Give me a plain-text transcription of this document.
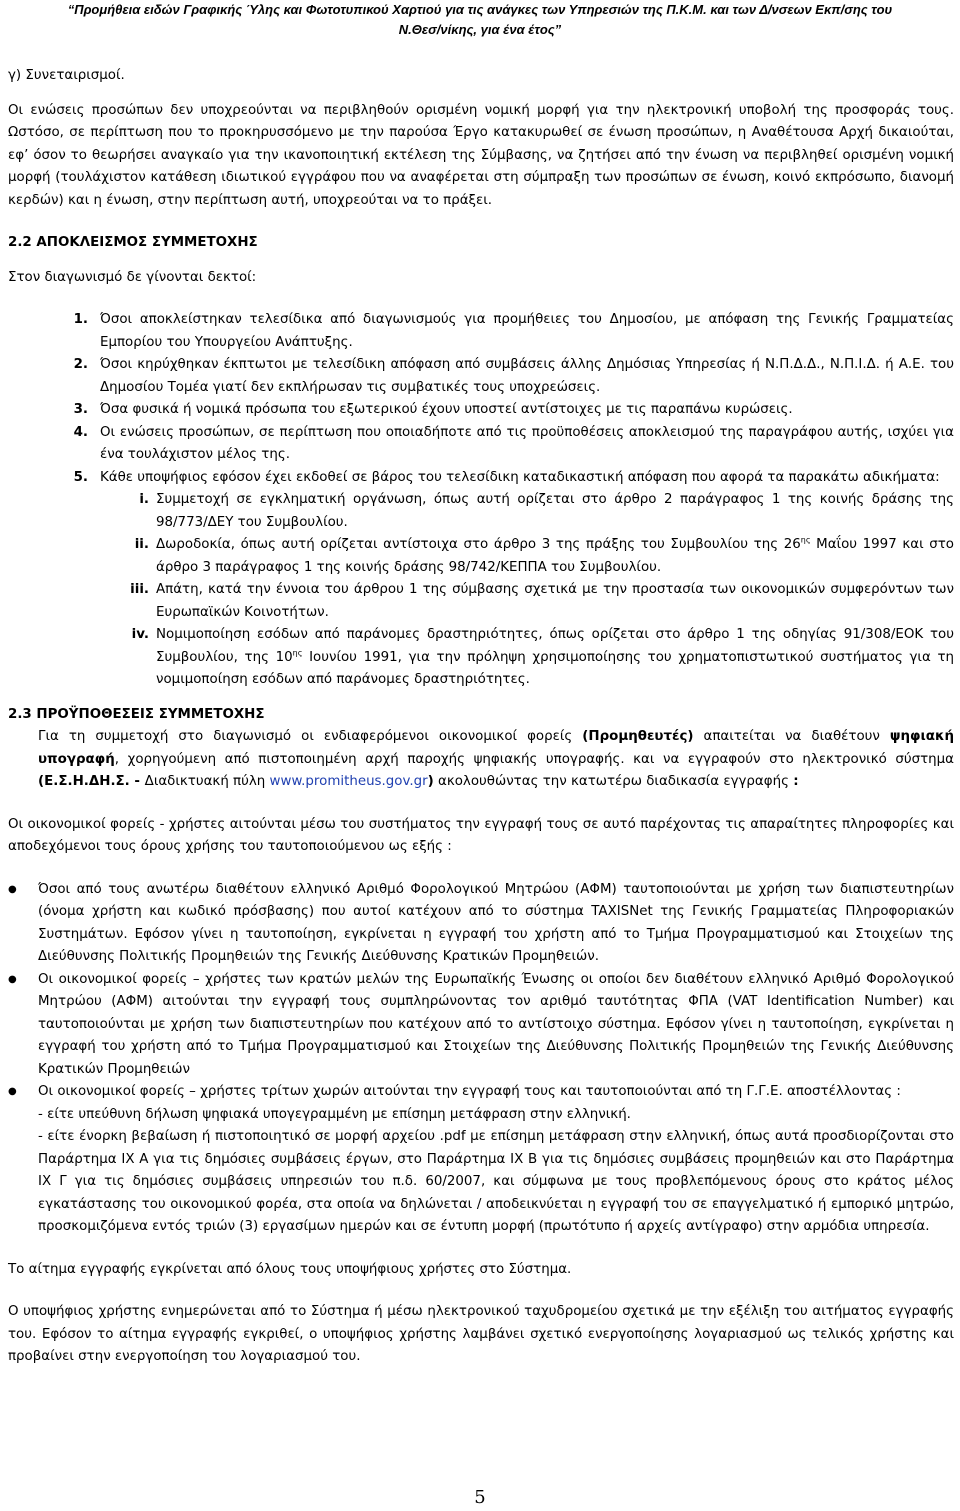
“Προμήθεια ειδών Γραφικής Ύλης και Φωτοτυπικού Χαρτιού για τις ανάγκες των Υπηρεσιών της Π.Κ.Μ. και των Δ/νσεων Εκπ/σης του
Ν.Θεσ/νίκης, για ένα έτος”

γ) Συνεταιρισμοί.

Οι ενώσεις προσώπων δεν υποχρεούνται να περιβληθούν ορισμένη νομική μορφή για την ηλεκτρονική υποβολή της προσφοράς τους. Ωστόσο, σε περίπτωση που το προκηρυσσόμενο με την παρούσα Έργο κατακυρωθεί σε ένωση προσώπων, η Αναθέτουσα Αρχή δικαιούται, εφ’ όσον το θεωρήσει αναγκαίο για την ικανοποιητική εκτέλεση της Σύμβασης, να ζητήσει από την ένωση να περιβληθεί ορισμένη νομική μορφή (τουλάχιστον κατάθεση ιδιωτικού εγγράφου που να αναφέρεται στη σύμπραξη των προσώπων σε ένωση, κοινό εκπρόσωπο, διανομή κερδών) και η ένωση, στην περίπτωση αυτή, υποχρεούται να το πράξει.

2.2 ΑΠΟΚΛΕΙΣΜΟΣ ΣΥΜΜΕΤΟΧΗΣ

Στον διαγωνισμό δε γίνονται δεκτοί:

1. Όσοι αποκλείστηκαν τελεσίδικα από διαγωνισμούς για προμήθειες του Δημοσίου, με απόφαση της Γενικής Γραμματείας Εμπορίου του Υπουργείου Ανάπτυξης.
2. Όσοι κηρύχθηκαν έκπτωτοι με τελεσίδικη απόφαση από συμβάσεις άλλης Δημόσιας Υπηρεσίας ή Ν.Π.Δ.Δ., Ν.Π.Ι.Δ. ή Α.Ε. του Δημοσίου Τομέα γιατί δεν εκπλήρωσαν τις συμβατικές τους υποχρεώσεις.
3. Όσα φυσικά ή νομικά πρόσωπα του εξωτερικού έχουν υποστεί αντίστοιχες με τις παραπάνω κυρώσεις.
4. Οι ενώσεις προσώπων, σε περίπτωση που οποιαδήποτε από τις προϋποθέσεις αποκλεισμού της παραγράφου αυτής, ισχύει για ένα τουλάχιστον μέλος της.
5. Κάθε υποψήφιος εφόσον έχει εκδοθεί σε βάρος του τελεσίδικη καταδικαστική απόφαση που αφορά τα παρακάτω αδικήματα:
i. Συμμετοχή σε εγκληματική οργάνωση, όπως αυτή ορίζεται στο άρθρο 2 παράγραφος 1 της κοινής δράσης της 98/773/ΔΕΥ του Συμβουλίου.
ii. Δωροδοκία, όπως αυτή ορίζεται αντίστοιχα στο άρθρο 3 της πράξης του Συμβουλίου της $26^{\eta\varsigma}$ Μαΐου 1997 και στο άρθρο 3 παράγραφος 1 της κοινής δράσης 98/742/ΚΕΠΠΑ του Συμβουλίου.
iii. Απάτη, κατά την έννοια του άρθρου 1 της σύμβασης σχετικά με την προστασία των οικονομικών συμφερόντων των Ευρωπαϊκών Κοινοτήτων.
iv. Νομιμοποίηση εσόδων από παράνομες δραστηριότητες, όπως ορίζεται στο άρθρο 1 της οδηγίας 91/308/ΕΟΚ του Συμβουλίου, της $10^{\eta\varsigma}$ Ιουνίου 1991, για την πρόληψη χρησιμοποίησης του χρηματοπιστωτικού συστήματος για τη νομιμοποίηση εσόδων από παράνομες δραστηριότητες.

2.3 ΠΡΟΫΠΟΘΕΣΕΙΣ ΣΥΜΜΕΤΟΧΗΣ

Για τη συμμετοχή στο διαγωνισμό οι ενδιαφερόμενοι οικονομικοί φορείς (Προμηθευτές) απαιτείται να διαθέτουν ψηφιακή υπογραφή, χορηγούμενη από πιστοποιημένη αρχή παροχής ψηφιακής υπογραφής. και να εγγραφούν στο ηλεκτρονικό σύστημα (Ε.Σ.Η.ΔΗ.Σ. - Διαδικτυακή πύλη www.promitheus.gov.gr) ακολουθώντας την κατωτέρω διαδικασία εγγραφής :

Οι οικονομικοί φορείς - χρήστες αιτούνται μέσω του συστήματος την εγγραφή τους σε αυτό παρέχοντας τις απαραίτητες πληροφορίες και αποδεχόμενοι τους όρους χρήσης του ταυτοποιούμενου ως εξής :

●	Όσοι από τους ανωτέρω διαθέτουν ελληνικό Αριθμό Φορολογικού Μητρώου (ΑΦΜ) ταυτοποιούνται με χρήση των διαπιστευτηρίων (όνομα χρήστη και κωδικό πρόσβασης) που αυτοί κατέχουν από το σύστημα TAXISNet της Γενικής Γραμματείας Πληροφοριακών Συστημάτων. Εφόσον γίνει η ταυτοποίηση, εγκρίνεται η εγγραφή του χρήστη από το Τμήμα Προγραμματισμού και Στοιχείων της Διεύθυνσης Πολιτικής Προμηθειών της Γενικής Διεύθυνσης Κρατικών Προμηθειών.
●	Οι οικονομικοί φορείς – χρήστες των κρατών μελών της Ευρωπαϊκής Ένωσης οι οποίοι δεν διαθέτουν ελληνικό Αριθμό Φορολογικού Μητρώου (ΑΦΜ) αιτούνται την εγγραφή τους συμπληρώνοντας τον αριθμό ταυτότητας ΦΠΑ (VAT Identification Number) και ταυτοποιούνται με χρήση των διαπιστευτηρίων που κατέχουν από το αντίστοιχο σύστημα. Εφόσον γίνει η ταυτοποίηση, εγκρίνεται η εγγραφή του χρήστη από το Τμήμα Προγραμματισμού και Στοιχείων της Διεύθυνσης Πολιτικής Προμηθειών της Γενικής Διεύθυνσης Κρατικών Προμηθειών
●	Οι οικονομικοί φορείς – χρήστες τρίτων χωρών αιτούνται την εγγραφή τους και ταυτοποιούνται από τη Γ.Γ.Ε. αποστέλλοντας :

- είτε υπεύθυνη δήλωση ψηφιακά υπογεγραμμένη με επίσημη μετάφραση στην ελληνική.

- είτε ένορκη βεβαίωση ή πιστοποιητικό σε μορφή αρχείου .pdf με επίσημη μετάφραση στην ελληνική, όπως αυτά προσδιορίζονται στο Παράρτημα ΙΧ Α για τις δημόσιες συμβάσεις έργων, στο Παράρτημα ΙΧ Β για τις δημόσιες συμβάσεις προμηθειών και στο Παράρτημα ΙΧ Γ για τις δημόσιες συμβάσεις υπηρεσιών του π.δ. 60/2007, και σύμφωνα με τους προβλεπόμενους όρους στο κράτος μέλος εγκατάστασης του οικονομικού φορέα, στα οποία να δηλώνεται / αποδεικνύεται η εγγραφή του σε επαγγελματικό ή εμπορικό μητρώο, προσκομιζόμενα εντός τριών (3) εργασίμων ημερών και σε έντυπη μορφή (πρωτότυπο ή αρχείς αντίγραφο) στην αρμόδια υπηρεσία.

Το αίτημα εγγραφής εγκρίνεται από όλους τους υποψήφιους χρήστες στο Σύστημα.

Ο υποψήφιος χρήστης ενημερώνεται από το Σύστημα ή μέσω ηλεκτρονικού ταχυδρομείου σχετικά με την εξέλιξη του αιτήματος εγγραφής του. Εφόσον το αίτημα εγγραφής εγκριθεί, ο υποψήφιος χρήστης λαμβάνει σχετικό ενεργοποίησης λογαριασμού ως τελικός χρήστης και προβαίνει στην ενεργοποίηση του λογαριασμού του.

5
